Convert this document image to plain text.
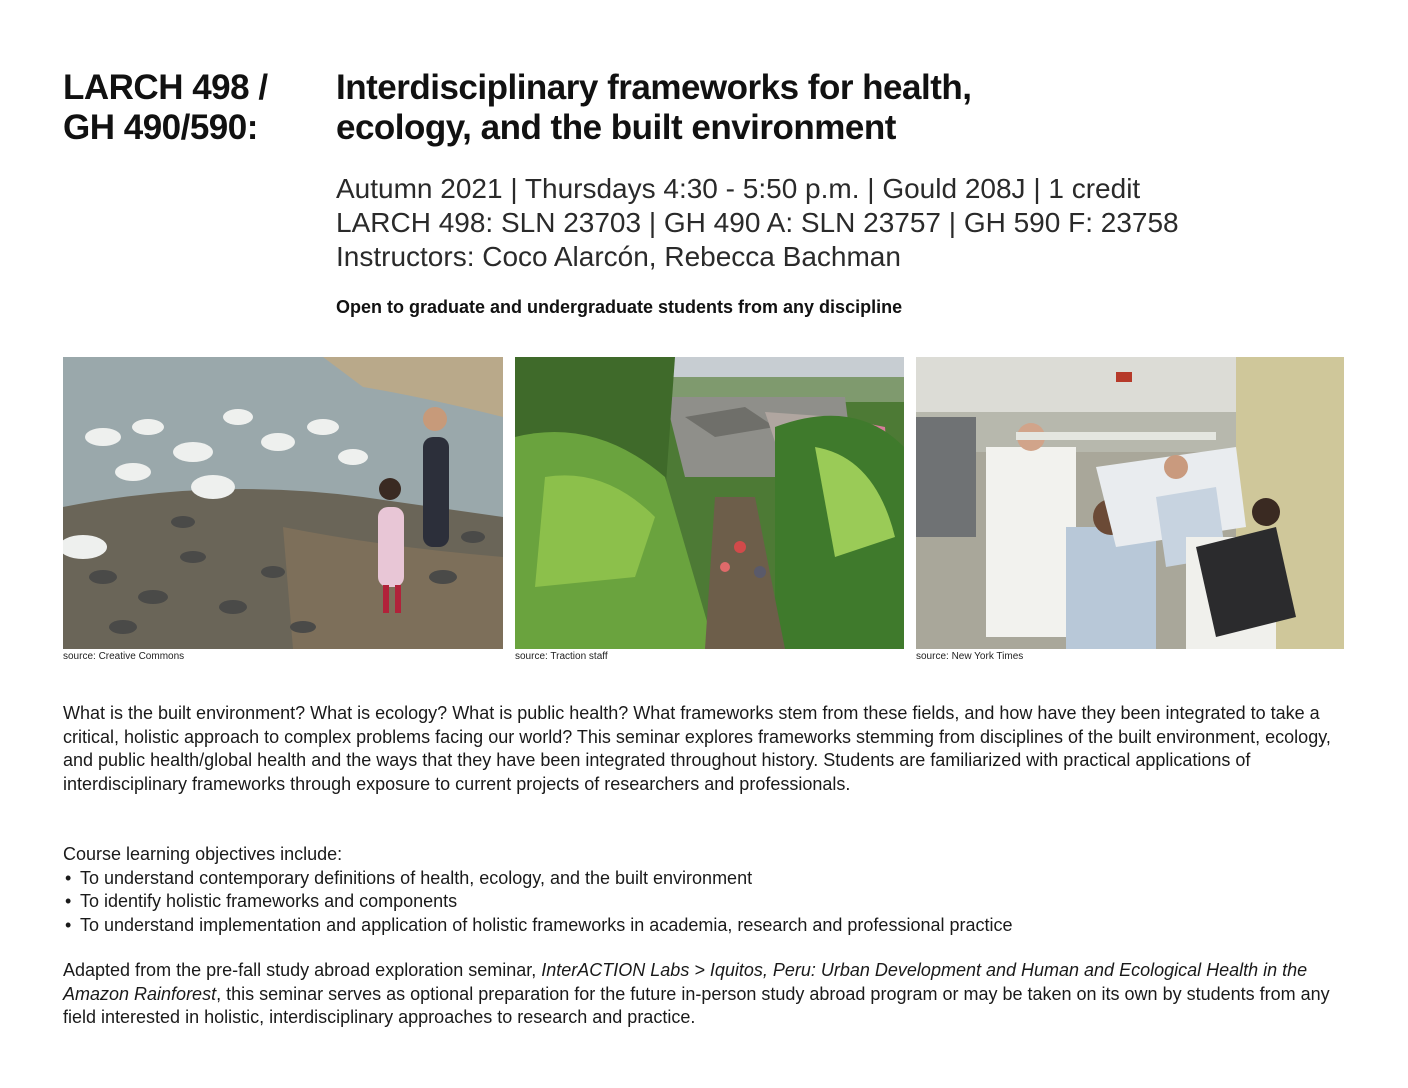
LARCH 498 /
GH 490/590:
Interdisciplinary frameworks for health,
ecology, and the built environment
Autumn 2021 | Thursdays 4:30 - 5:50 p.m. | Gould 208J | 1 credit
LARCH 498: SLN 23703 | GH 490 A: SLN 23757 | GH 590 F: 23758
Instructors: Coco Alarcón, Rebecca Bachman
Open to graduate and undergraduate students from any discipline
source: Creative Commons	source: Traction staff	source: New York Times

What is the built environment? What is ecology? What is public health? What frameworks stem from these fields, and how have they been integrated to take a critical, holistic approach to complex problems facing our world? This seminar explores frameworks stemming from disciplines of the built environment, ecology, and public health/global health and the ways that they have been integrated throughout history. Students are familiarized with practical applications of interdisciplinary frameworks through exposure to current projects of researchers and professionals.

Course learning objectives include:
• To understand contemporary definitions of health, ecology, and the built environment
• To identify holistic frameworks and components
• To understand implementation and application of holistic frameworks in academia, research and professional practice

Adapted from the pre-fall study abroad exploration seminar, InterACTION Labs > Iquitos, Peru: Urban Development and Human and Ecological Health in the Amazon Rainforest, this seminar serves as optional preparation for the future in-person study abroad program or may be taken on its own by students from any field interested in holistic, interdisciplinary approaches to research and practice.
